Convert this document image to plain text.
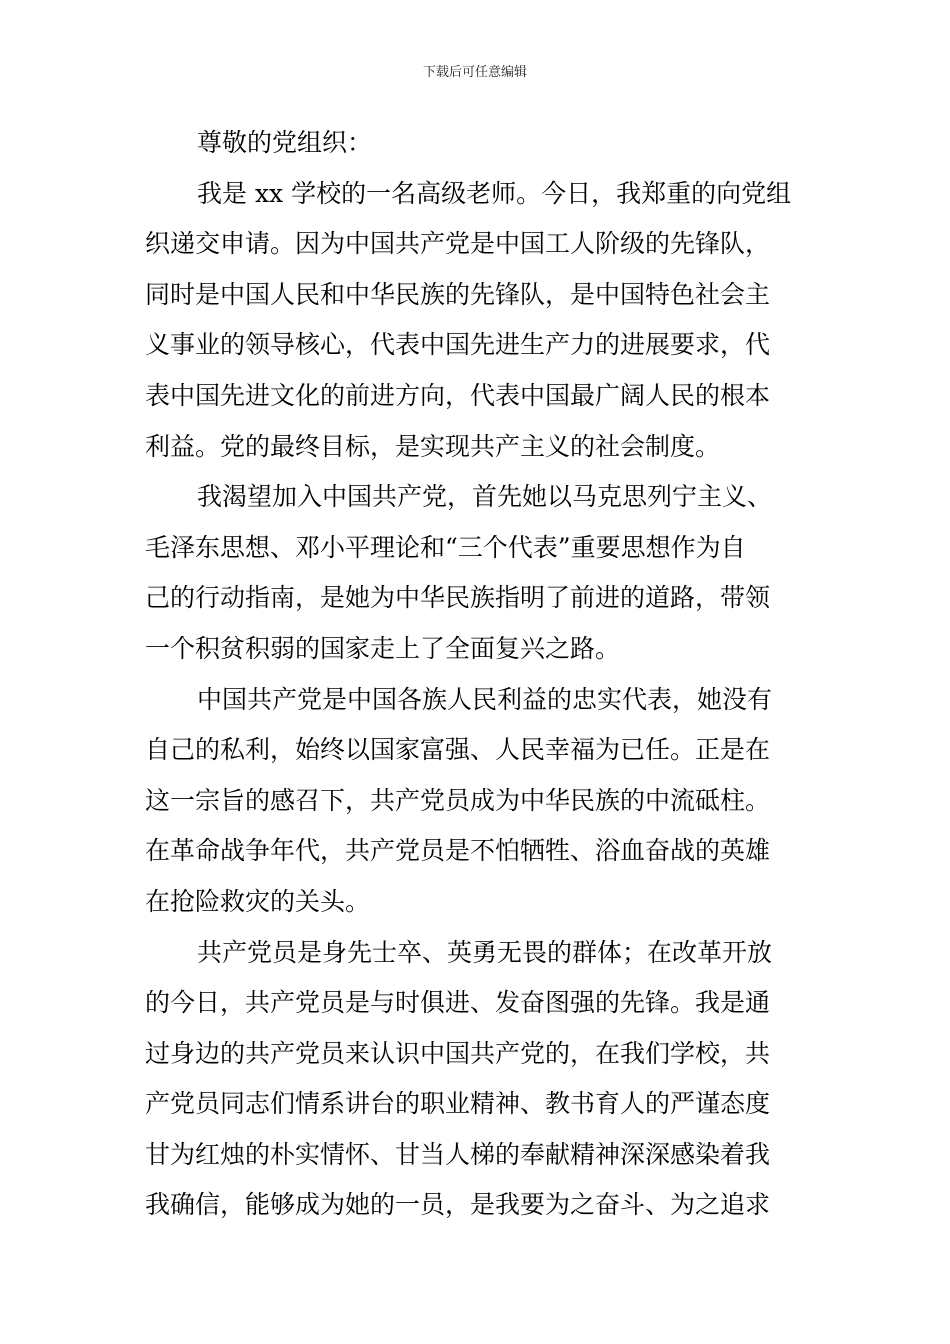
下载后可任意编辑
尊敬的党组织：
我是 xx 学校的一名高级老师。今日，我郑重的向党组
织递交申请。因为中国共产党是中国工人阶级的先锋队，
同时是中国人民和中华民族的先锋队，是中国特色社会主
义事业的领导核心，代表中国先进生产力的进展要求，代
表中国先进文化的前进方向，代表中国最广阔人民的根本
利益。党的最终目标，是实现共产主义的社会制度。
我渴望加入中国共产党，首先她以马克思列宁主义、
毛泽东思想、邓小平理论和“三个代表”重要思想作为自
己的行动指南，是她为中华民族指明了前进的道路，带领
一个积贫积弱的国家走上了全面复兴之路。
中国共产党是中国各族人民利益的忠实代表，她没有
自己的私利，始终以国家富强、人民幸福为已任。正是在
这一宗旨的感召下，共产党员成为中华民族的中流砥柱。
在革命战争年代，共产党员是不怕牺牲、浴血奋战的英雄
在抢险救灾的关头。
共产党员是身先士卒、英勇无畏的群体；在改革开放
的今日，共产党员是与时俱进、发奋图强的先锋。我是通
过身边的共产党员来认识中国共产党的，在我们学校，共
产党员同志们情系讲台的职业精神、教书育人的严谨态度
甘为红烛的朴实情怀、甘当人梯的奉献精神深深感染着我
我确信，能够成为她的一员，是我要为之奋斗、为之追求
